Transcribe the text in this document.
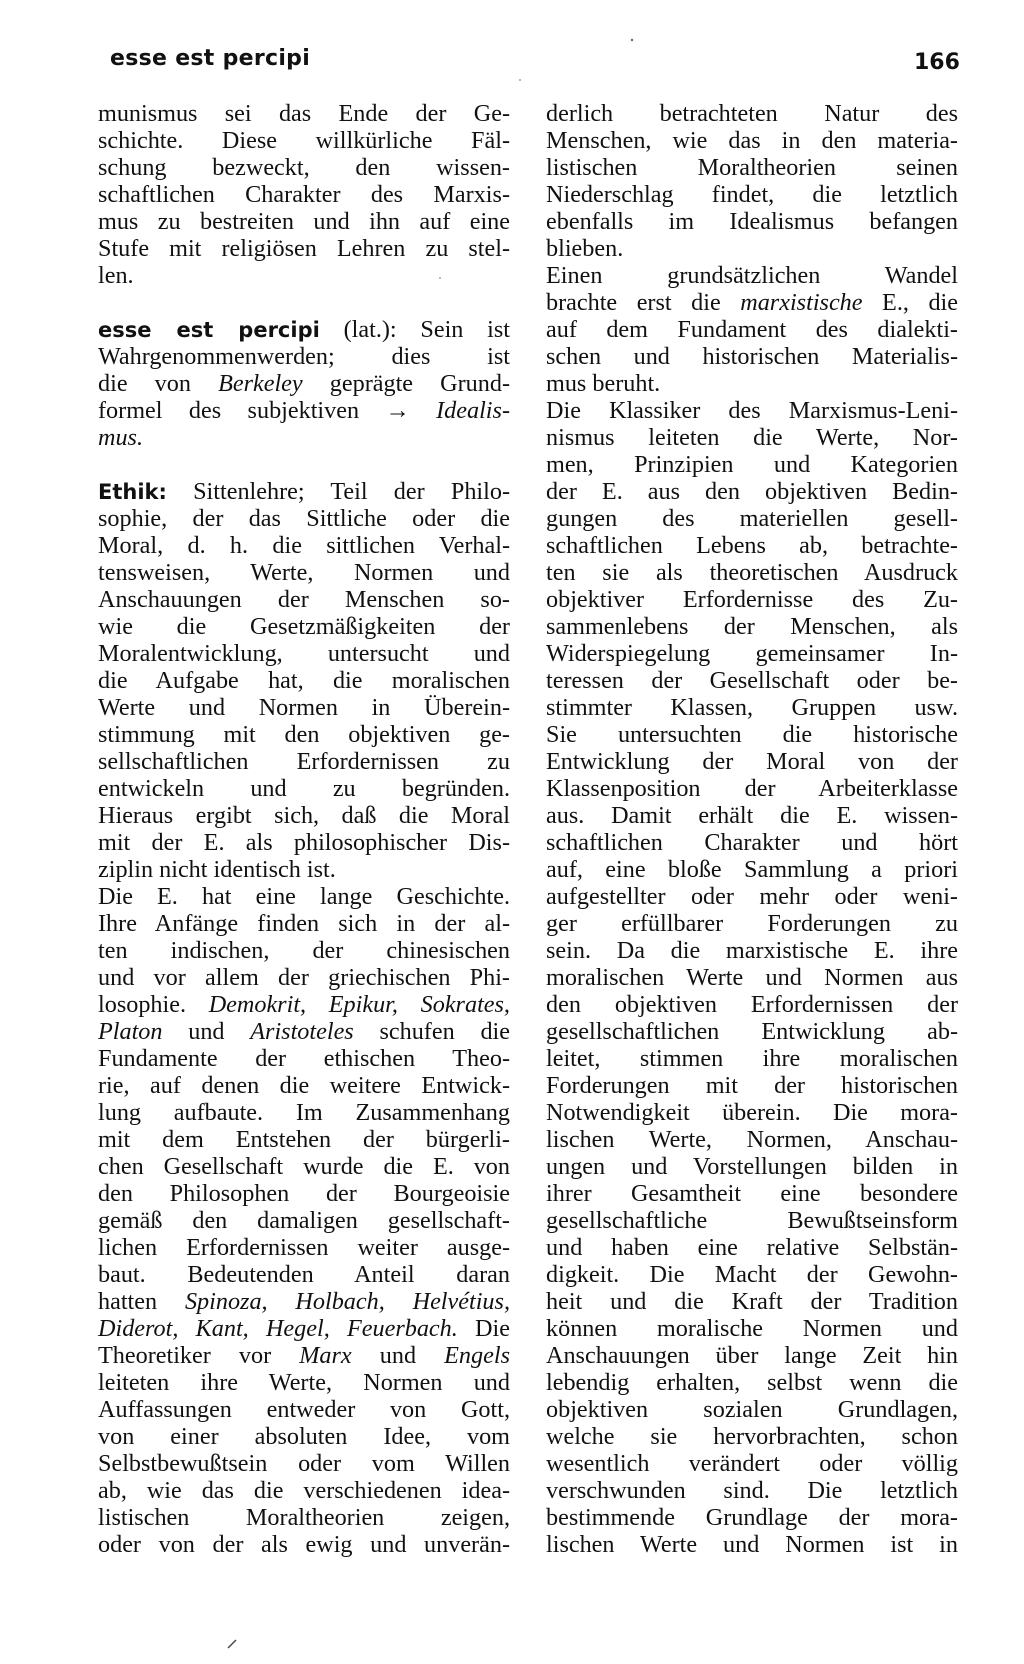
esse est percipi	166
munismus sei das Ende der Ge-
schichte. Diese willkürliche Fäl-
schung bezweckt, den wissen-
schaftlichen Charakter des Marxis-
mus zu bestreiten und ihn auf eine
Stufe mit religiösen Lehren zu stel-
len.
esse est percipi (lat.): Sein ist
Wahrgenommenwerden; dies ist
die von Berkeley geprägte Grund-
formel des subjektiven → Idealis-
mus.
Ethik: Sittenlehre; Teil der Philo-
sophie, der das Sittliche oder die
Moral, d. h. die sittlichen Verhal-
tensweisen, Werte, Normen und
Anschauungen der Menschen so-
wie die Gesetzmäßigkeiten der
Moralentwicklung, untersucht und
die Aufgabe hat, die moralischen
Werte und Normen in Überein-
stimmung mit den objektiven ge-
sellschaftlichen Erfordernissen zu
entwickeln und zu begründen.
Hieraus ergibt sich, daß die Moral
mit der E. als philosophischer Dis-
ziplin nicht identisch ist.
Die E. hat eine lange Geschichte.
Ihre Anfänge finden sich in der al-
ten indischen, der chinesischen
und vor allem der griechischen Phi-
losophie. Demokrit, Epikur, Sokrates,
Platon und Aristoteles schufen die
Fundamente der ethischen Theo-
rie, auf denen die weitere Entwick-
lung aufbaute. Im Zusammenhang
mit dem Entstehen der bürgerli-
chen Gesellschaft wurde die E. von
den Philosophen der Bourgeoisie
gemäß den damaligen gesellschaft-
lichen Erfordernissen weiter ausge-
baut. Bedeutenden Anteil daran
hatten Spinoza, Holbach, Helvétius,
Diderot, Kant, Hegel, Feuerbach. Die
Theoretiker vor Marx und Engels
leiteten ihre Werte, Normen und
Auffassungen entweder von Gott,
von einer absoluten Idee, vom
Selbstbewußtsein oder vom Willen
ab, wie das die verschiedenen idea-
listischen Moraltheorien zeigen,
oder von der als ewig und unverän-
derlich betrachteten Natur des
Menschen, wie das in den materia-
listischen Moraltheorien seinen
Niederschlag findet, die letztlich
ebenfalls im Idealismus befangen
blieben.
Einen grundsätzlichen Wandel
brachte erst die marxistische E., die
auf dem Fundament des dialekti-
schen und historischen Materialis-
mus beruht.
Die Klassiker des Marxismus-Leni-
nismus leiteten die Werte, Nor-
men, Prinzipien und Kategorien
der E. aus den objektiven Bedin-
gungen des materiellen gesell-
schaftlichen Lebens ab, betrachte-
ten sie als theoretischen Ausdruck
objektiver Erfordernisse des Zu-
sammenlebens der Menschen, als
Widerspiegelung gemeinsamer In-
teressen der Gesellschaft oder be-
stimmter Klassen, Gruppen usw.
Sie untersuchten die historische
Entwicklung der Moral von der
Klassenposition der Arbeiterklasse
aus. Damit erhält die E. wissen-
schaftlichen Charakter und hört
auf, eine bloße Sammlung a priori
aufgestellter oder mehr oder weni-
ger erfüllbarer Forderungen zu
sein. Da die marxistische E. ihre
moralischen Werte und Normen aus
den objektiven Erfordernissen der
gesellschaftlichen Entwicklung ab-
leitet, stimmen ihre moralischen
Forderungen mit der historischen
Notwendigkeit überein. Die mora-
lischen Werte, Normen, Anschau-
ungen und Vorstellungen bilden in
ihrer Gesamtheit eine besondere
gesellschaftliche Bewußtseinsform
und haben eine relative Selbstän-
digkeit. Die Macht der Gewohn-
heit und die Kraft der Tradition
können moralische Normen und
Anschauungen über lange Zeit hin
lebendig erhalten, selbst wenn die
objektiven sozialen Grundlagen,
welche sie hervorbrachten, schon
wesentlich verändert oder völlig
verschwunden sind. Die letztlich
bestimmende Grundlage der mora-
lischen Werte und Normen ist in
